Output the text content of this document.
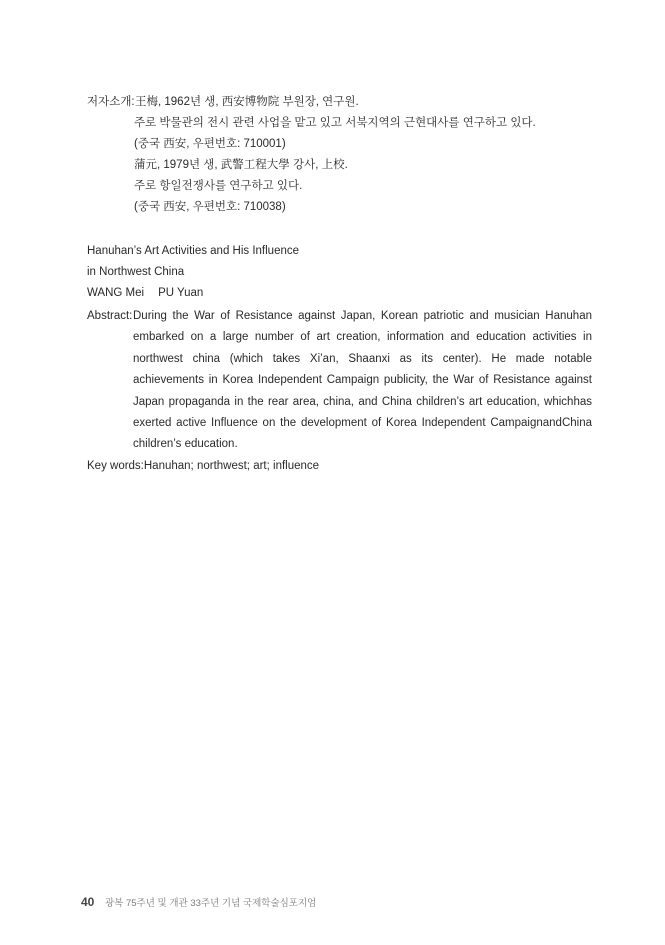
저자소개: 王梅, 1962년 생, 西安博物院 부원장, 연구원.
주로 박물관의 전시 관련 사업을 맡고 있고 서북지역의 근현대사를 연구하고 있다.
(중국 西安, 우편번호: 710001)
蒲元, 1979년 생, 武警工程大學 강사, 上校.
주로 항일전쟁사를 연구하고 있다.
(중국 西安, 우편번호: 710038)
Hanuhan’s Art Activities and His Influence
in Northwest China
WANG Mei PU Yuan
Abstract: During the War of Resistance against Japan, Korean patriotic and musician Hanuhan embarked on a large number of art creation, information and education activities in northwest china (which takes Xi’an, Shaanxi as its center). He made notable achievements in Korea Independent Campaign publicity, the War of Resistance against Japan propaganda in the rear area, china, and China children’s art education, whichhas exerted active Influence on the development of Korea Independent CampaignandChina children’s education.
Key words:Hanuhan; northwest; art; influence
40 광복 75주년 및 개관 33주년 기념 국제학술심포지엄
